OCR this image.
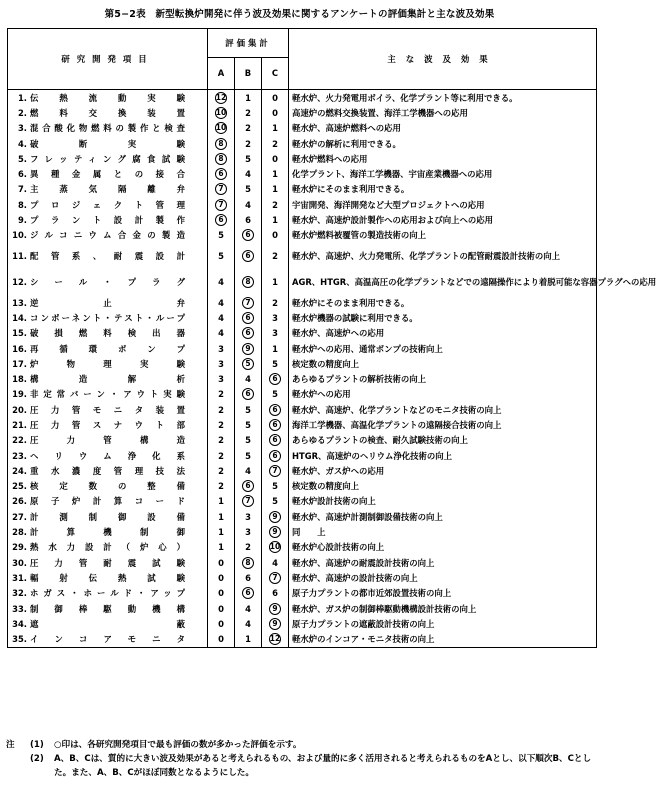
第5−2表　新型転換炉開発に伴う波及効果に関するアンケートの評価集計と主な波及効果
研究開発項目	評価集計			主な波及効果
	A	B	C	
1. 伝熱流動実験	12	1	0	軽水炉、火力発電用ボイラ、化学プラント等に利用できる。
2. 燃料交換装置	10	2	0	高速炉の燃料交換装置、海洋工学機器への応用
3. 混合酸化物燃料の製作と検査	10	2	1	軽水炉、高速炉燃料への応用
4. 破断実験	8	2	2	軽水炉の解析に利用できる。
5. フレッティング腐食試験	8	5	0	軽水炉燃料への応用
6. 異種金属との接合	6	4	1	化学プラント、海洋工学機器、宇宙産業機器への応用
7. 主蒸気隔離弁	7	5	1	軽水炉にそのまま利用できる。
8. プロジェクト管理	7	4	2	宇宙開発、海洋開発など大型プロジェクトへの応用
9. プラント設計製作	6	6	1	軽水炉、高速炉設計製作への応用および向上への応用
10. ジルコニウム合金の製造	5	6	0	軽水炉燃料被覆管の製造技術の向上
11. 配管系、耐震設計	5	6	2	軽水炉、高速炉、火力発電所、化学プラントの配管耐震設計技術の向上
12. シール・プラグ	4	8	1	AGR、HTGR、高温高圧の化学プラントなどでの遠隔操作により着脱可能な容器プラグへの応用
13. 逆止弁	4	7	2	軽水炉にそのまま利用できる。
14. コンポーネント・テスト・ループ	4	6	3	軽水炉機器の試験に利用できる。
15. 破損燃料検出器	4	6	3	軽水炉、高速炉への応用
16. 再循環ポンプ	3	9	1	軽水炉への応用、通常ポンプの技術向上
17. 炉物理実験	3	5	5	核定数の精度向上
18. 構造解析	3	4	6	あらゆるプラントの解析技術の向上
19. 非定常バーン・アウト実験	2	6	5	軽水炉への応用
20. 圧力管モニタ装置	2	5	6	軽水炉、高速炉、化学プラントなどのモニタ技術の向上
21. 圧力管スナウト部	2	5	6	海洋工学機器、高温化学プラントの遠隔接合技術の向上
22. 圧力管構造	2	5	6	あらゆるプラントの検査、耐久試験技術の向上
23. ヘリウム浄化系	2	5	6	HTGR、高速炉のヘリウム浄化技術の向上
24. 重水濃度管理技法	2	4	7	軽水炉、ガス炉への応用
25. 核定数の整備	2	6	5	核定数の精度向上
26. 原子炉計算コード	1	7	5	軽水炉設計技術の向上
27. 計測制御設備	1	3	9	軽水炉、高速炉計測制御設備技術の向上
28. 計算機制御	1	3	9	同　　上
29. 熱水力設計（炉心）	1	2	10	軽水炉心設計技術の向上
30. 圧力管耐震試験	0	8	4	軽水炉、高速炉の耐震設計技術の向上
31. 輻射伝熱試験	0	6	7	軽水炉、高速炉の設計技術の向上
32. ホガス・ホールド・アップ	0	6	6	原子力プラントの都市近郊設置技術の向上
33. 制御棒駆動機構	0	4	9	軽水炉、ガス炉の制御棒駆動機構設計技術の向上
34. 遮蔽	0	4	9	原子力プラントの遮蔽設計技術の向上
35. インコアモニタ	0	1	12	軽水炉のインコア・モニタ技術の向上
注	(1)	○印は、各研究開発項目で最も評価の数が多かった評価を示す。
(2)	A、B、Cは、質的に大きい波及効果があると考えられるもの、および量的に多く活用されると考えられるものをAとし、以下順次B、Cとした。また、A、B、Cがほぼ同数となるようにした。
